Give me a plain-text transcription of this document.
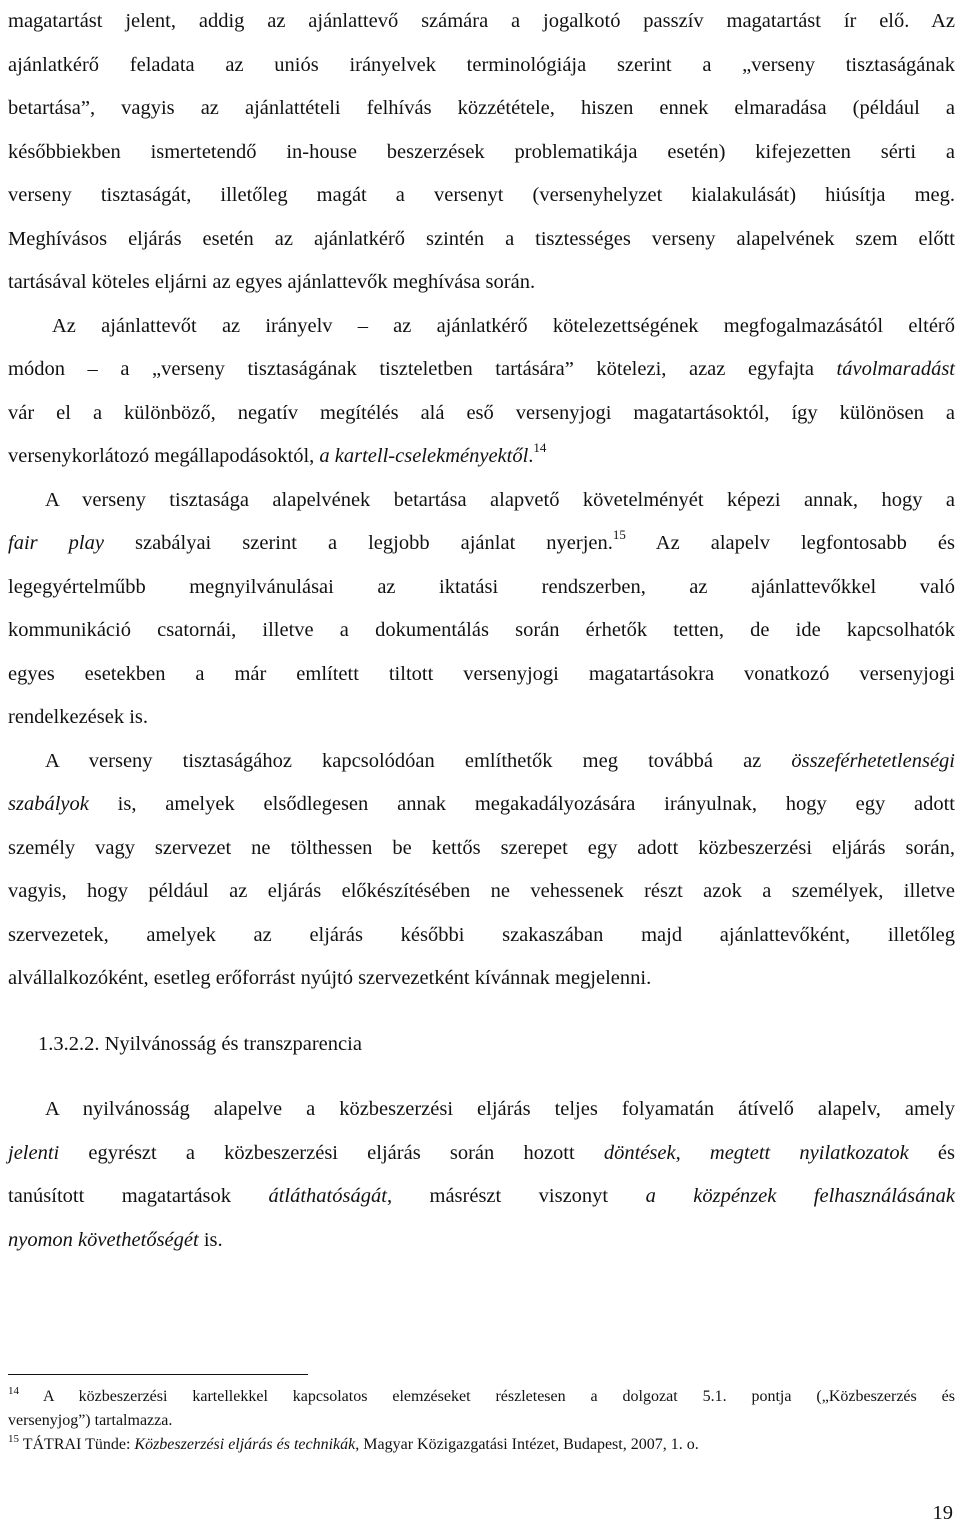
magatartást jelent, addig az ajánlattevő számára a jogalkotó passzív magatartást ír elő. Az
ajánlatkérő feladata az uniós irányelvek terminológiája szerint a „verseny tisztaságának
betartása”, vagyis az ajánlattételi felhívás közzététele, hiszen ennek elmaradása (például a
későbbiekben ismertetendő in-house beszerzések problematikája esetén) kifejezetten sérti a
verseny tisztaságát, illetőleg magát a versenyt (versenyhelyzet kialakulását) hiúsítja meg.
Meghívásos eljárás esetén az ajánlatkérő szintén a tisztességes verseny alapelvének szem előtt
tartásával köteles eljárni az egyes ajánlattevők meghívása során.

Az ajánlattevőt az irányelv – az ajánlatkérő kötelezettségének megfogalmazásától eltérő
módon – a „verseny tisztaságának tiszteletben tartására” kötelezi, azaz egyfajta távolmaradást
vár el a különböző, negatív megítélés alá eső versenyjogi magatartásoktól, így különösen a
versenykorlátozó megállapodásoktól, a kartell-cselekményektől.$^{14}$

A verseny tisztasága alapelvének betartása alapvető követelményét képezi annak, hogy a
fair play szabályai szerint a legjobb ajánlat nyerjen.$^{15}$ Az alapelv legfontosabb és
legegyértelműbb megnyilvánulásai az iktatási rendszerben, az ajánlattevőkkel való
kommunikáció csatornái, illetve a dokumentálás során érhetők tetten, de ide kapcsolhatók
egyes esetekben a már említett tiltott versenyjogi magatartásokra vonatkozó versenyjogi
rendelkezések is.

A verseny tisztaságához kapcsolódóan említhetők meg továbbá az összeférhetetlenségi
szabályok is, amelyek elsődlegesen annak megakadályozására irányulnak, hogy egy adott
személy vagy szervezet ne tölthessen be kettős szerepet egy adott közbeszerzési eljárás során,
vagyis, hogy például az eljárás előkészítésében ne vehessenek részt azok a személyek, illetve
szervezetek, amelyek az eljárás későbbi szakaszában majd ajánlattevőként, illetőleg
alvállalkozóként, esetleg erőforrást nyújtó szervezetként kívánnak megjelenni.

1.3.2.2. Nyilvánosság és transzparencia

A nyilvánosság alapelve a közbeszerzési eljárás teljes folyamatán átívelő alapelv, amely
jelenti egyrészt a közbeszerzési eljárás során hozott döntések, megtett nyilatkozatok és
tanúsított magatartások átláthatóságát, másrészt viszonyt a közpénzek felhasználásának
nyomon követhetőségét is.

$^{14}$ A közbeszerzési kartellekkel kapcsolatos elemzéseket részletesen a dolgozat 5.1. pontja („Közbeszerzés és
versenyjog”) tartalmazza.

$^{15}$ TÁTRAI Tünde: Közbeszerzési eljárás és technikák, Magyar Közigazgatási Intézet, Budapest, 2007, 1. o.

19
